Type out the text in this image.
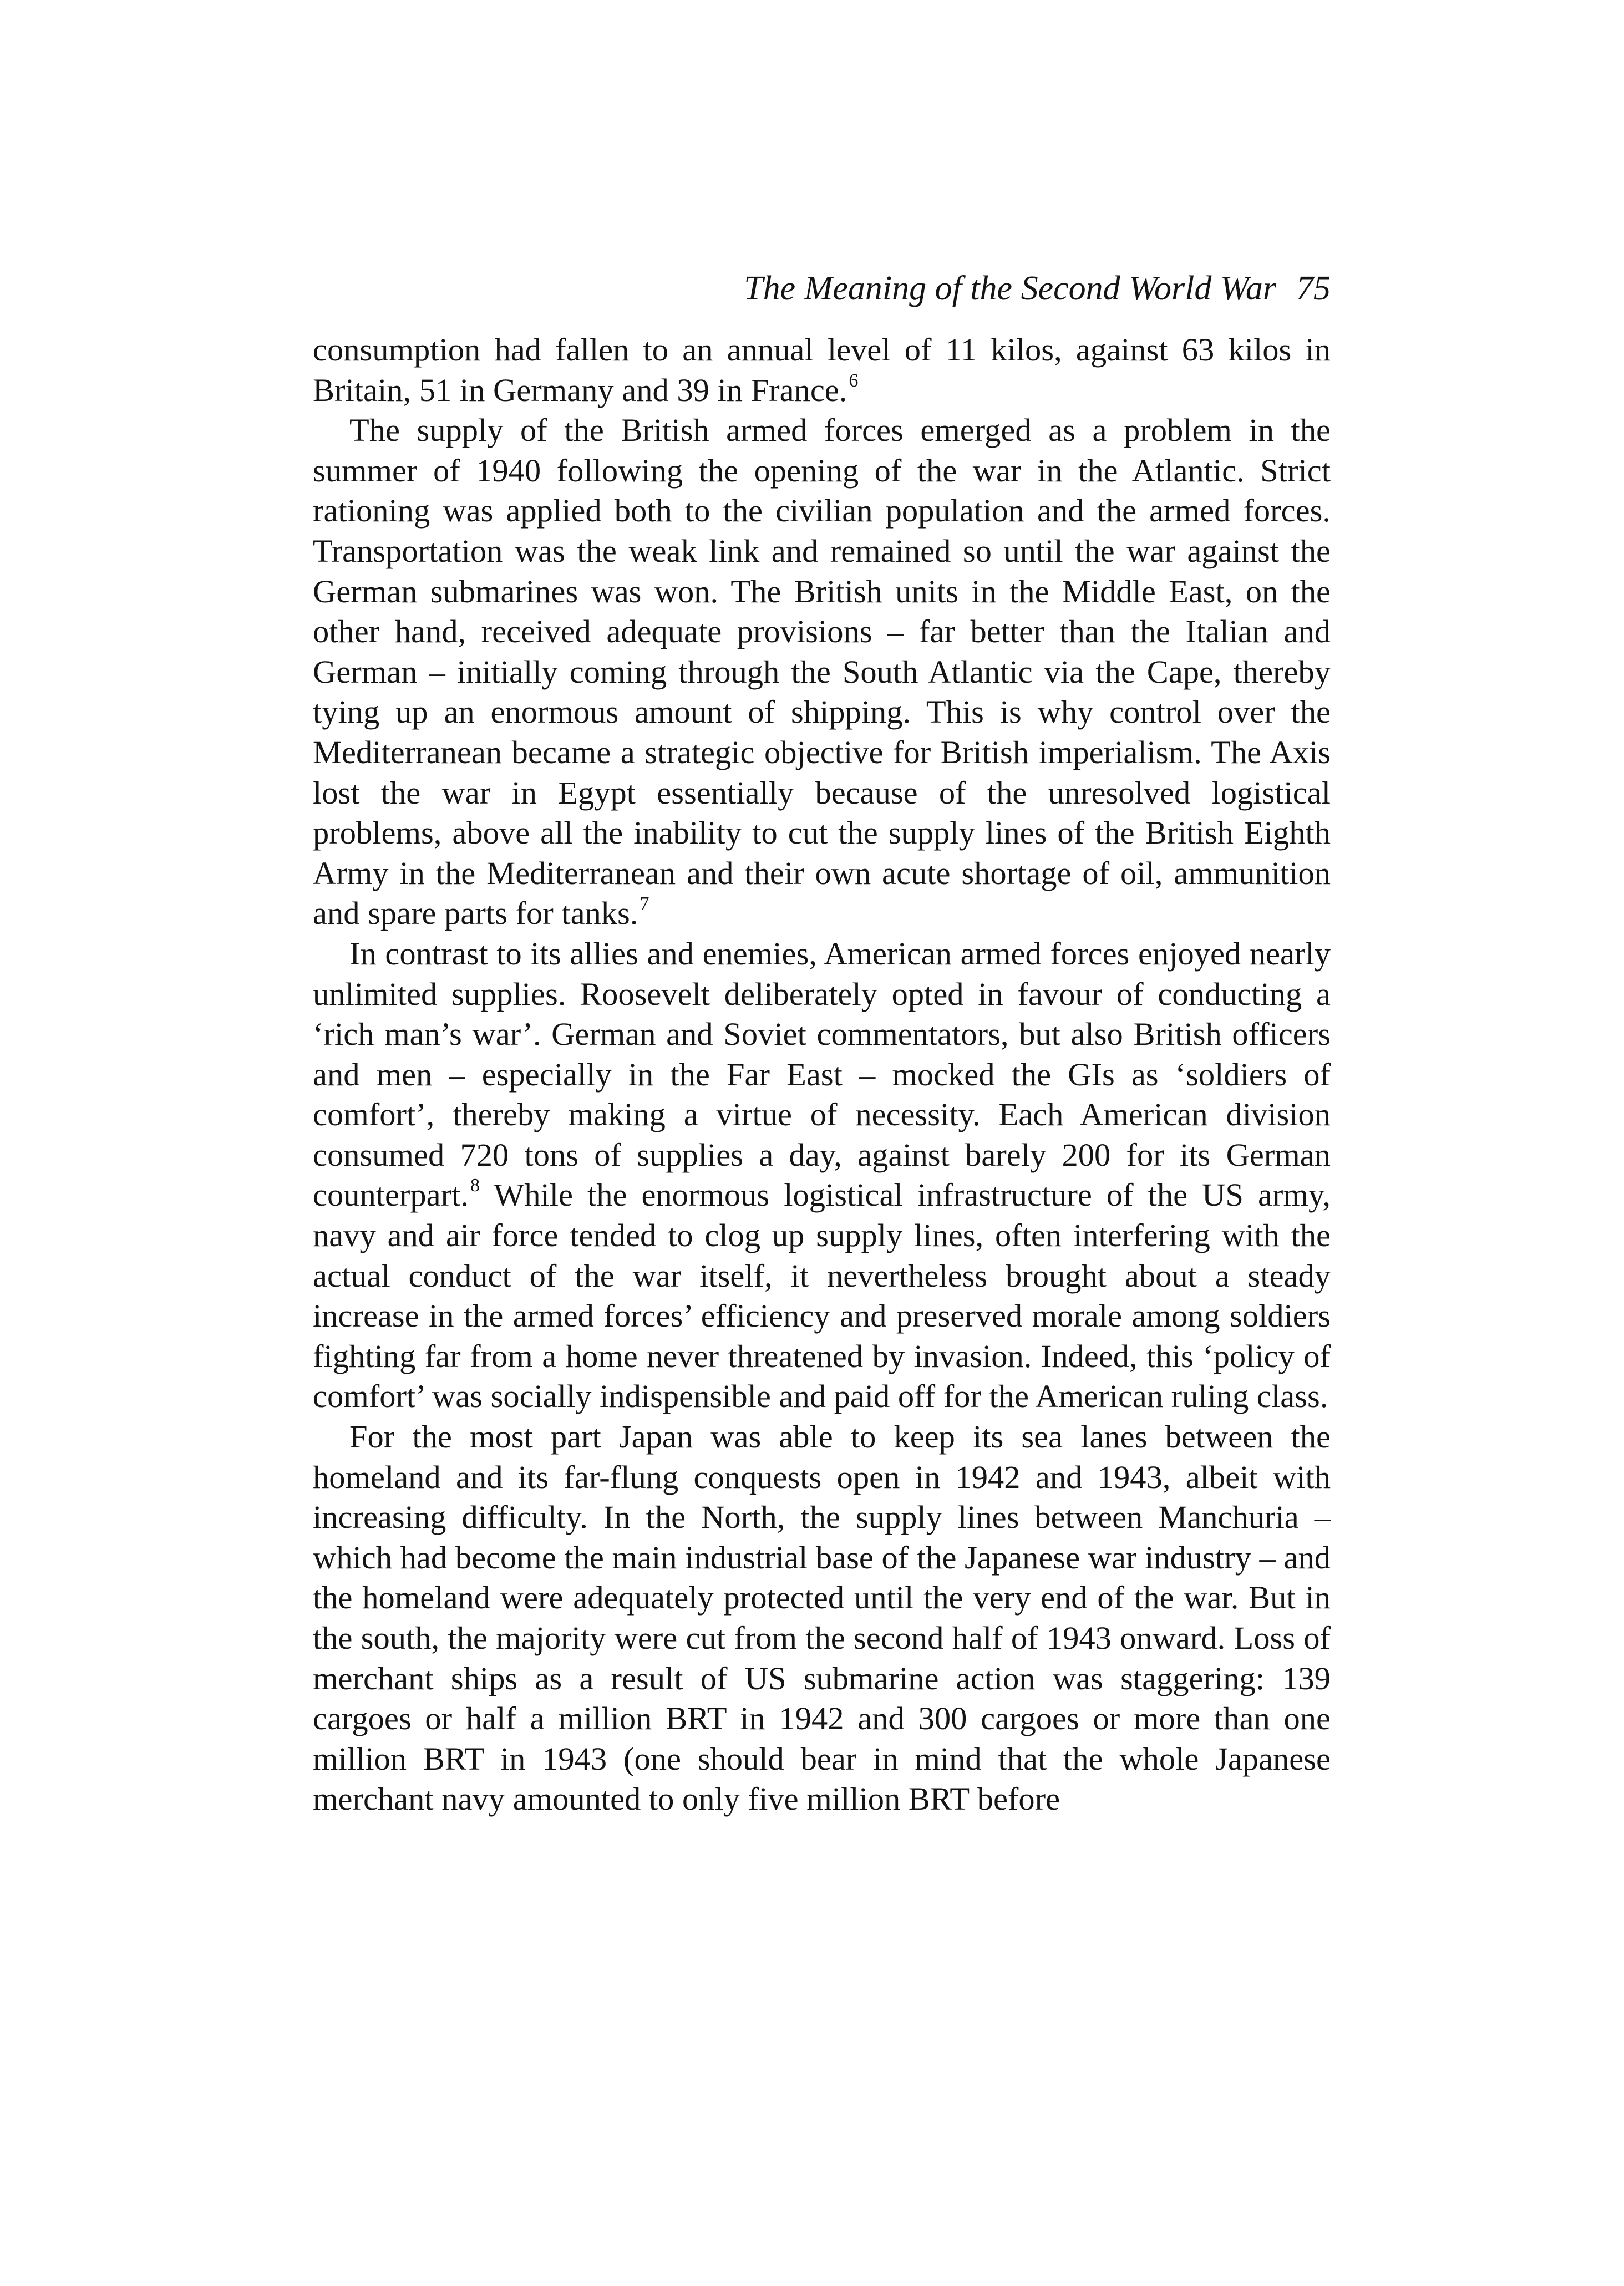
The Meaning of the Second World War 75

consumption had fallen to an annual level of 11 kilos, against 63 kilos in Britain, 51 in Germany and 39 in France.$^6$

The supply of the British armed forces emerged as a problem in the summer of 1940 following the opening of the war in the Atlantic. Strict rationing was applied both to the civilian population and the armed forces. Transportation was the weak link and remained so until the war against the German submarines was won. The British units in the Middle East, on the other hand, received adequate provisions – far better than the Italian and German – initially coming through the South Atlantic via the Cape, thereby tying up an enormous amount of shipping. This is why control over the Mediterranean became a strategic objective for British imperialism. The Axis lost the war in Egypt essentially because of the unresolved logistical problems, above all the inability to cut the supply lines of the British Eighth Army in the Mediterranean and their own acute shortage of oil, ammunition and spare parts for tanks.$^7$

In contrast to its allies and enemies, American armed forces enjoyed nearly unlimited supplies. Roosevelt deliberately opted in favour of conducting a ‘rich man’s war’. German and Soviet commentators, but also British officers and men – especially in the Far East – mocked the GIs as ‘soldiers of comfort’, thereby making a virtue of necessity. Each American division consumed 720 tons of supplies a day, against barely 200 for its German counterpart.$^8$ While the enormous logistical infrastructure of the US army, navy and air force tended to clog up supply lines, often interfering with the actual conduct of the war itself, it nevertheless brought about a steady increase in the armed forces’ efficiency and preserved morale among soldiers fighting far from a home never threatened by invasion. Indeed, this ‘policy of comfort’ was socially indispensible and paid off for the American ruling class.

For the most part Japan was able to keep its sea lanes between the homeland and its far-flung conquests open in 1942 and 1943, albeit with increasing difficulty. In the North, the supply lines between Manchuria – which had become the main industrial base of the Japanese war industry – and the homeland were adequately protected until the very end of the war. But in the south, the majority were cut from the second half of 1943 onward. Loss of merchant ships as a result of US submarine action was staggering: 139 cargoes or half a million BRT in 1942 and 300 cargoes or more than one million BRT in 1943 (one should bear in mind that the whole Japanese merchant navy amounted to only five million BRT before
